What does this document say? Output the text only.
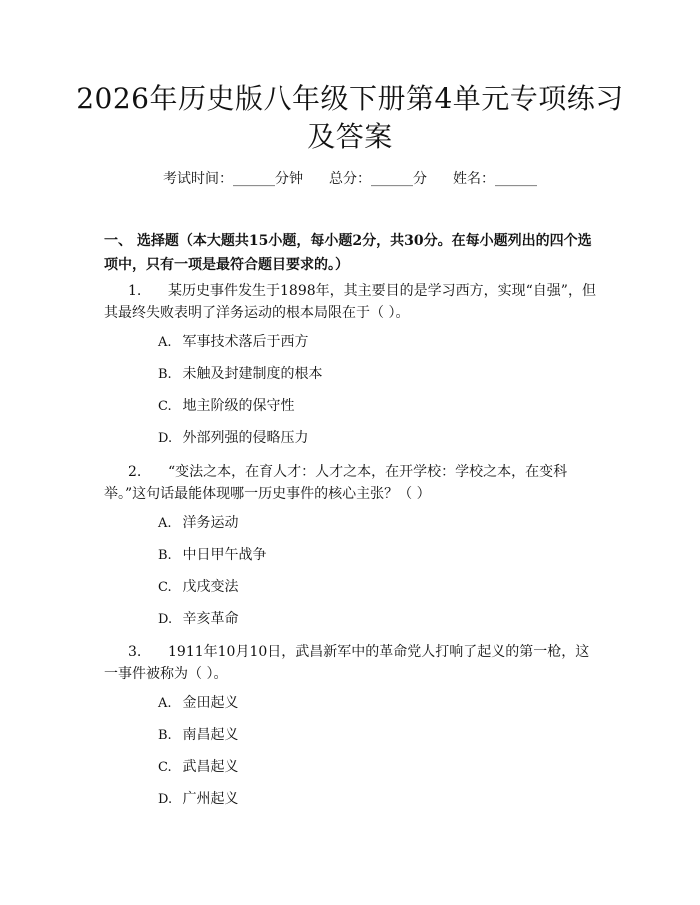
2026年历史版八年级下册第4单元专项练习
及答案
考试时间：______分钟 总分：______分 姓名：______
一、 选择题（本大题共15小题，每小题2分，共30分。在每小题列出的四个选项中，只有一项是最符合题目要求的。）
1. 某历史事件发生于1898年，其主要目的是学习西方，实现“自强”，但其最终失败表明了洋务运动的根本局限在于（ ）。
A. 军事技术落后于西方
B. 未触及封建制度的根本
C. 地主阶级的保守性
D. 外部列强的侵略压力
2. “变法之本，在育人才：人才之本，在开学校：学校之本，在变科举。”这句话最能体现哪一历史事件的核心主张？（ ）
A. 洋务运动
B. 中日甲午战争
C. 戊戌变法
D. 辛亥革命
3. 1911年10月10日，武昌新军中的革命党人打响了起义的第一枪，这一事件被称为（ ）。
A. 金田起义
B. 南昌起义
C. 武昌起义
D. 广州起义
